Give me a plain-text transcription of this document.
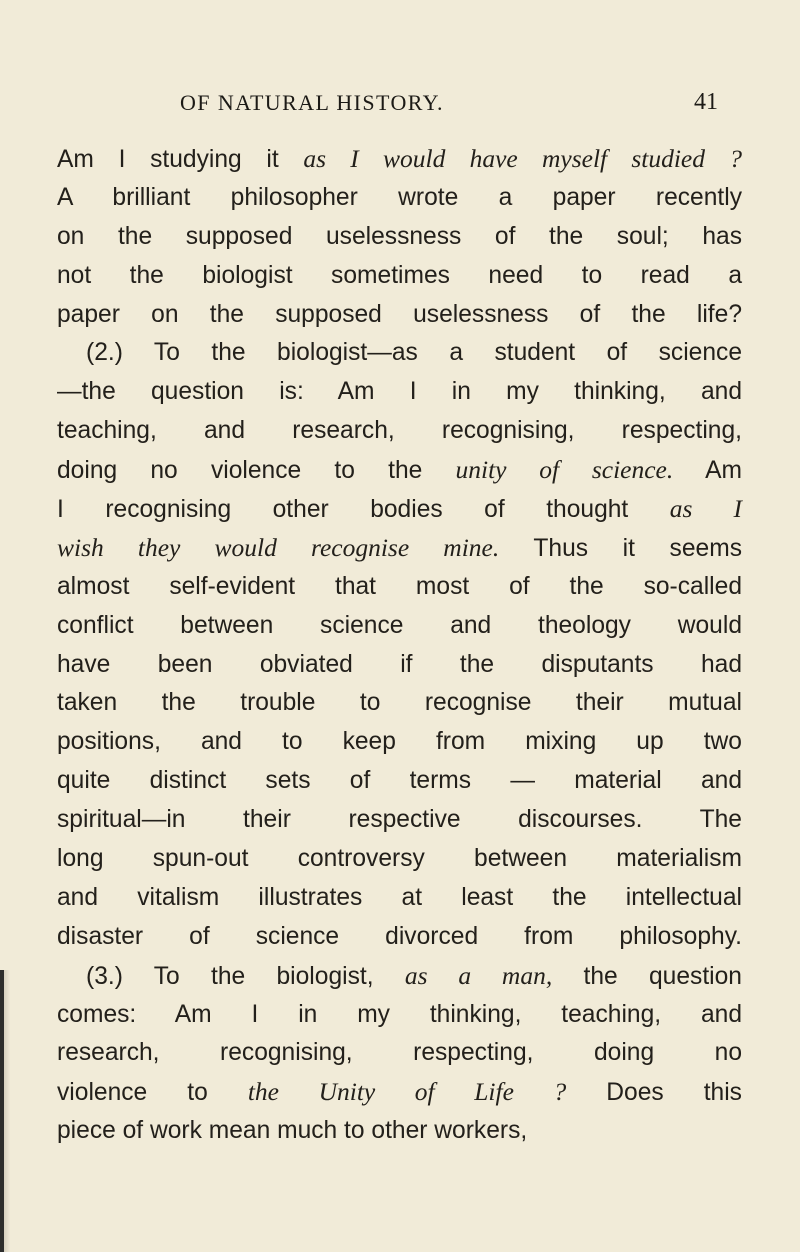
OF NATURAL HISTORY.	41
Am I studying it as I would have myself studied ?
A brilliant philosopher wrote a paper recently
on the supposed uselessness of the soul; has
not the biologist sometimes need to read a
paper on the supposed uselessness of the life?
(2.) To the biologist—as a student of science
—the question is: Am I in my thinking, and
teaching, and research, recognising, respecting,
doing no violence to the unity of science. Am
I recognising other bodies of thought as I
wish they would recognise mine. Thus it seems
almost self-evident that most of the so-called
conflict between science and theology would
have been obviated if the disputants had
taken the trouble to recognise their mutual
positions, and to keep from mixing up two
quite distinct sets of terms — material and
spiritual—in their respective discourses. The
long spun-out controversy between materialism
and vitalism illustrates at least the intellectual
disaster of science divorced from philosophy.
(3.) To the biologist, as a man, the question
comes: Am I in my thinking, teaching, and
research, recognising, respecting, doing no
violence to the Unity of Life ? Does this
piece of work mean much to other workers,
